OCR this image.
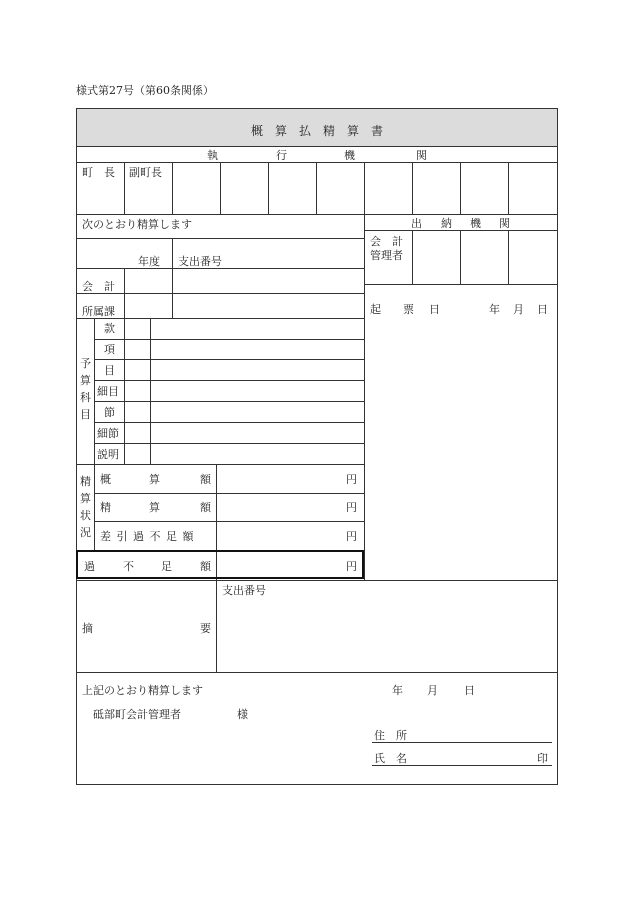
様式第27号（第60条関係）
概　算　払　精　算　書
執	行	機	関
町　長 副町長
次のとおり精算します
年度 支出番号
会　計
所属課
予
算
科
目
款
項
目
細目
節
細節
説明
精
算
状
況
概	算	額	円
精	算	額	円
差 引 過 不 足 額	円
過	不 足	額	円
出 納 機 関
会　計
管理者
起 票 日	年 月 日
摘	要
支出番号
上記のとおり精算します	年 月 日
砥部町会計管理者	様
住　所
氏　名	印
